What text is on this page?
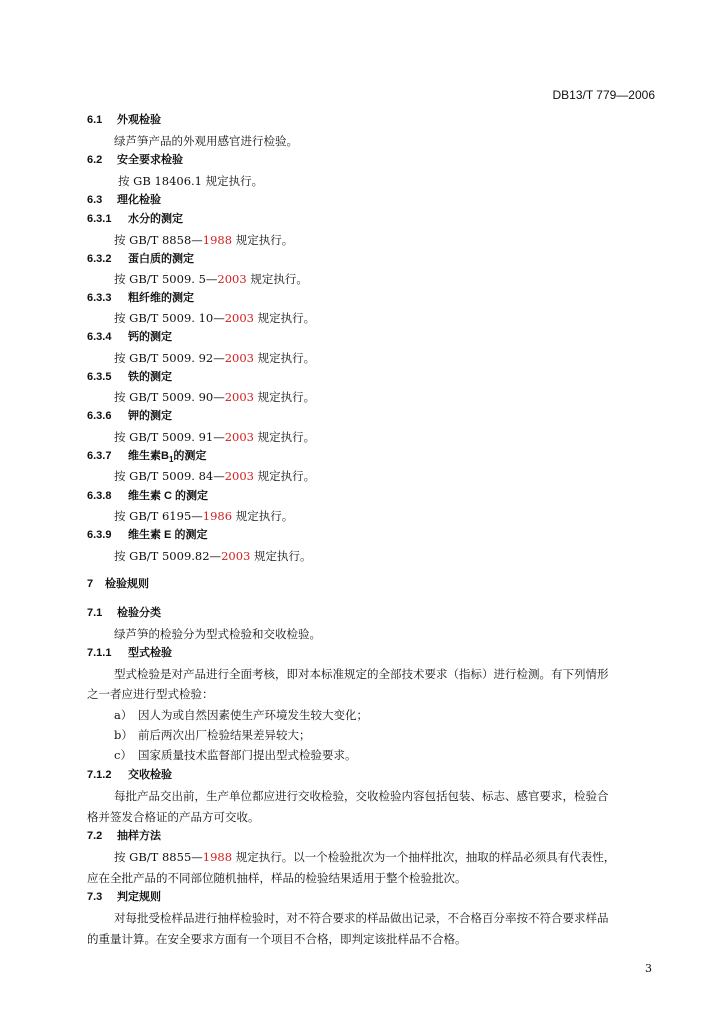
DB13/T 779—2006
6.1 外观检验
绿芦笋产品的外观用感官进行检验。
6.2 安全要求检验
按 GB 18406.1 规定执行。
6.3 理化检验
6.3.1 水分的测定
按 GB/T 8858—1988 规定执行。
6.3.2 蛋白质的测定
按 GB/T 5009. 5—2003 规定执行。
6.3.3 粗纤维的测定
按 GB/T 5009. 10—2003 规定执行。
6.3.4 钙的测定
按 GB/T 5009. 92—2003 规定执行。
6.3.5 铁的测定
按 GB/T 5009. 90—2003 规定执行。
6.3.6 钾的测定
按 GB/T 5009. 91—2003 规定执行。
6.3.7 维生素$B_1$的测定
按 GB/T 5009. 84—2003 规定执行。
6.3.8 维生素 C 的测定
按 GB/T 6195—1986 规定执行。
6.3.9 维生素 E 的测定
按 GB/T 5009.82—2003 规定执行。
7 检验规则
7.1 检验分类
绿芦笋的检验分为型式检验和交收检验。
7.1.1 型式检验
型式检验是对产品进行全面考核，即对本标准规定的全部技术要求（指标）进行检测。有下列情形
之一者应进行型式检验：
a） 因人为或自然因素使生产环境发生较大变化；
b） 前后两次出厂检验结果差异较大；
c） 国家质量技术监督部门提出型式检验要求。
7.1.2 交收检验
每批产品交出前，生产单位都应进行交收检验，交收检验内容包括包装、标志、感官要求，检验合
格并签发合格证的产品方可交收。
7.2 抽样方法
按 GB/T 8855—1988 规定执行。以一个检验批次为一个抽样批次，抽取的样品必须具有代表性，
应在全批产品的不同部位随机抽样，样品的检验结果适用于整个检验批次。
7.3 判定规则
对每批受检样品进行抽样检验时，对不符合要求的样品做出记录，不合格百分率按不符合要求样品
的重量计算。在安全要求方面有一个项目不合格，即判定该批样品不合格。
3
